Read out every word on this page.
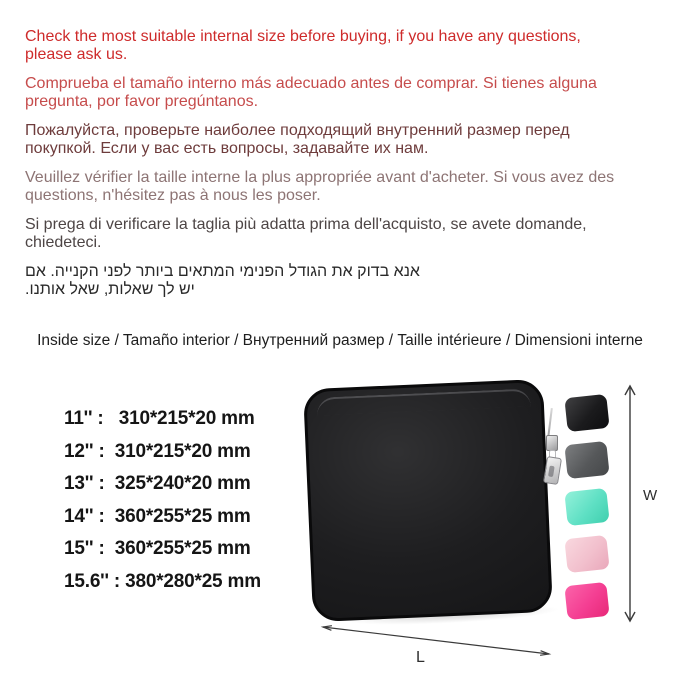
Check the most suitable internal size before buying, if you have any questions,
please ask us.
Comprueba el tamaño interno más adecuado antes de comprar. Si tienes alguna
pregunta, por favor pregúntanos.
Пожалуйста, проверьте наиболее подходящий внутренний размер перед
покупкой. Если у вас есть вопросы, задавайте их нам.
Veuillez vérifier la taille interne la plus appropriée avant d'acheter. Si vous avez des
questions, n'hésitez pas à nous les poser.
Si prega di verificare la taglia più adatta prima dell'acquisto, se avete domande,
chiedeteci.
םא .היינקה ינפל רתויב םיאתמה ימינפה לדוגה תא קודב אנא
.ונתוא לאש ,תולאש ךל שי
Inside size / Tamaño interior / Внутренний размер / Taille intérieure / Dimensioni interne
11'' :   310*215*20 mm
12'' :  310*215*20 mm
13'' :  325*240*20 mm
14'' :  360*255*25 mm
15'' :  360*255*25 mm
15.6'' : 380*280*25 mm
W
L
